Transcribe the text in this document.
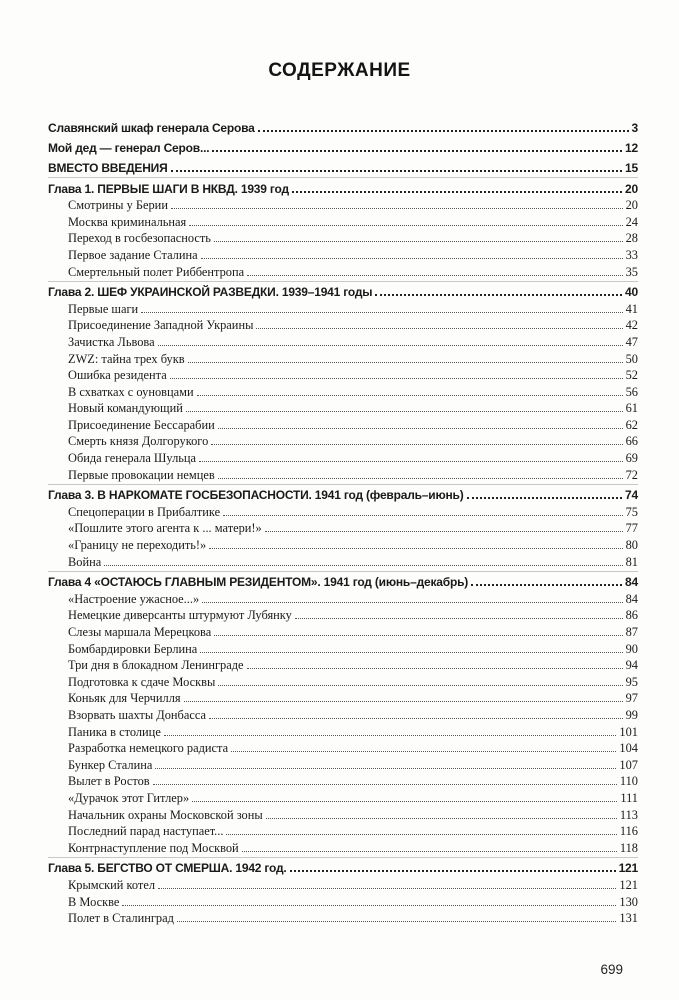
СОДЕРЖАНИЕ
Славянский шкаф генерала Серова	3
Мой дед — генерал Серов...	12
ВМЕСТО ВВЕДЕНИЯ	15
Глава 1. ПЕРВЫЕ ШАГИ В НКВД. 1939 год	20
Смотрины у Берии	20
Москва криминальная	24
Переход в госбезопасность	28
Первое задание Сталина	33
Смертельный полет Риббентропа	35
Глава 2. ШЕФ УКРАИНСКОЙ РАЗВЕДКИ. 1939–1941 годы	40
Первые шаги	41
Присоединение Западной Украины	42
Зачистка Львова	47
ZWZ: тайна трех букв	50
Ошибка резидента	52
В схватках с оуновцами	56
Новый командующий	61
Присоединение Бессарабии	62
Смерть князя Долгорукого	66
Обида генерала Шульца	69
Первые провокации немцев	72
Глава 3. В НАРКОМАТЕ ГОСБЕЗОПАСНОСТИ. 1941 год (февраль–июнь)	74
Спецоперации в Прибалтике	75
«Пошлите этого агента к ... матери!»	77
«Границу не переходить!»	80
Война	81
Глава 4 «ОСТАЮСЬ ГЛАВНЫМ РЕЗИДЕНТОМ». 1941 год (июнь–декабрь)	84
«Настроение ужасное...»	84
Немецкие диверсанты штурмуют Лубянку	86
Слезы маршала Мерецкова	87
Бомбардировки Берлина	90
Три дня в блокадном Ленинграде	94
Подготовка к сдаче Москвы	95
Коньяк для Черчилля	97
Взорвать шахты Донбасса	99
Паника в столице	101
Разработка немецкого радиста	104
Бункер Сталина	107
Вылет в Ростов	110
«Дурачок этот Гитлер»	111
Начальник охраны Московской зоны	113
Последний парад наступает...	116
Контрнаступление под Москвой	118
Глава 5. БЕГСТВО ОТ СМЕРША. 1942 год.	121
Крымский котел	121
В Москве	130
Полет в Сталинград	131
699
